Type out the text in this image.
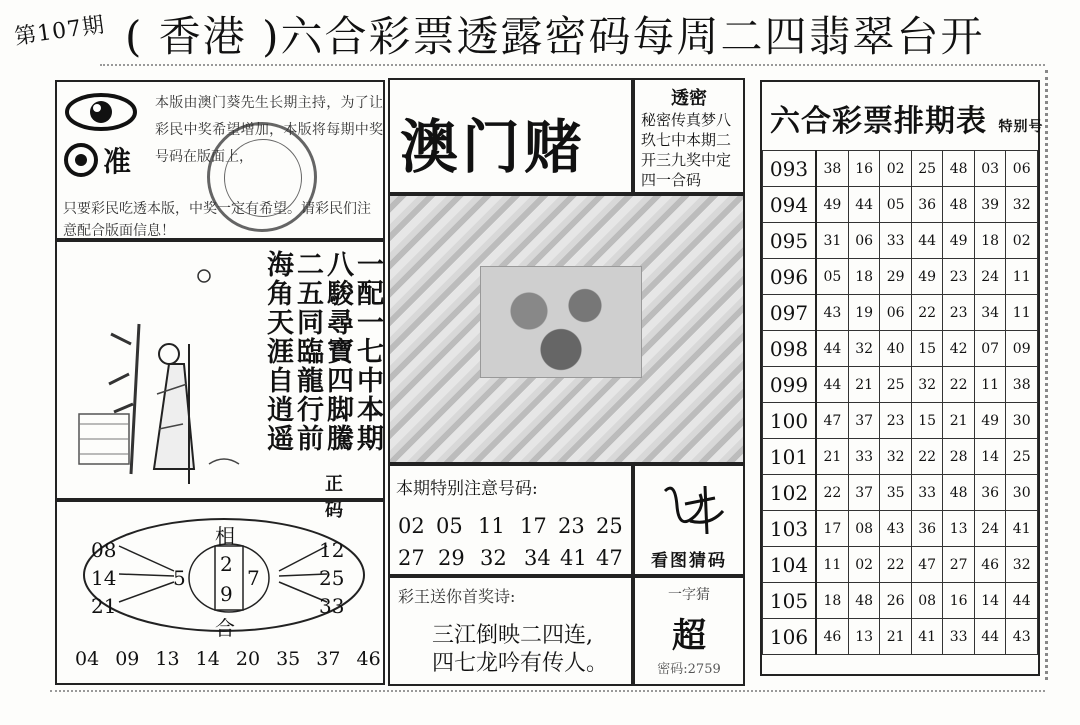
第107期 ( 香港 )六合彩票透露密码每周二四翡翠台开
准
本版由澳门葵先生长期主持，为了让彩民中奖希望增加，本版将每期中奖号码在版面上，
只要彩民吃透本版，中奖一定有希望。请彩民们注意配合版面信息！
一配一七中本期八駿尋寶四脚騰二五同臨龍行前海角天涯自逍遥
正 码
相
合
2
9
5	7
08
14
21
12
25
33
04 09 13 14 20 35 37 46
澳门赌
透密
秘密传真梦八玖七中本期二开三九奖中定四一合码
本期特别注意号码:
02 05 11 17 23 25
27 29 32 34 41 47	看图猜码
彩王送你首奖诗:
三江倒映二四连,
四七龙吟有传人。
一字猜
超
密码:2759
六合彩票排期表 特别号
093	38	16	02	25	48	03	06
094	49	44	05	36	48	39	32
095	31	06	33	44	49	18	02
096	05	18	29	49	23	24	11
097	43	19	06	22	23	34	11
098	44	32	40	15	42	07	09
099	44	21	25	32	22	11	38
100	47	37	23	15	21	49	30
101	21	33	32	22	28	14	25
102	22	37	35	33	48	36	30
103	17	08	43	36	13	24	41
104	11	02	22	47	27	46	32
105	18	48	26	08	16	14	44
106	46	13	21	41	33	44	43
